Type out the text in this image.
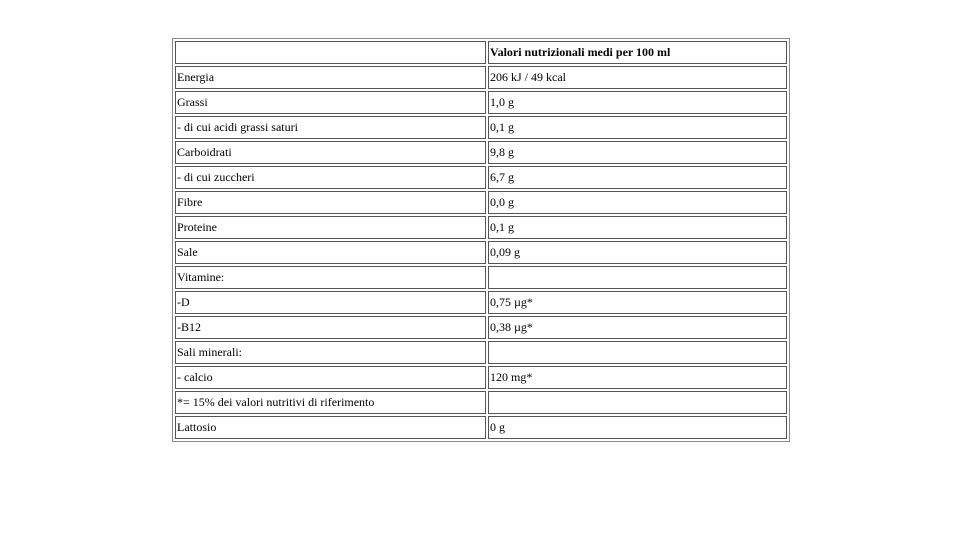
	Valori nutrizionali medi per 100 ml
Energia	206 kJ / 49 kcal
Grassi	1,0 g
- di cui acidi grassi saturi	0,1 g
Carboidrati	9,8 g
- di cui zuccheri	6,7 g
Fibre	0,0 g
Proteine	0,1 g
Sale	0,09 g
Vitamine:	
-D	0,75 µg*
-B12	0,38 µg*
Sali minerali:	
- calcio	120 mg*
*= 15% dei valori nutritivi di riferimento	
Lattosio	0 g
